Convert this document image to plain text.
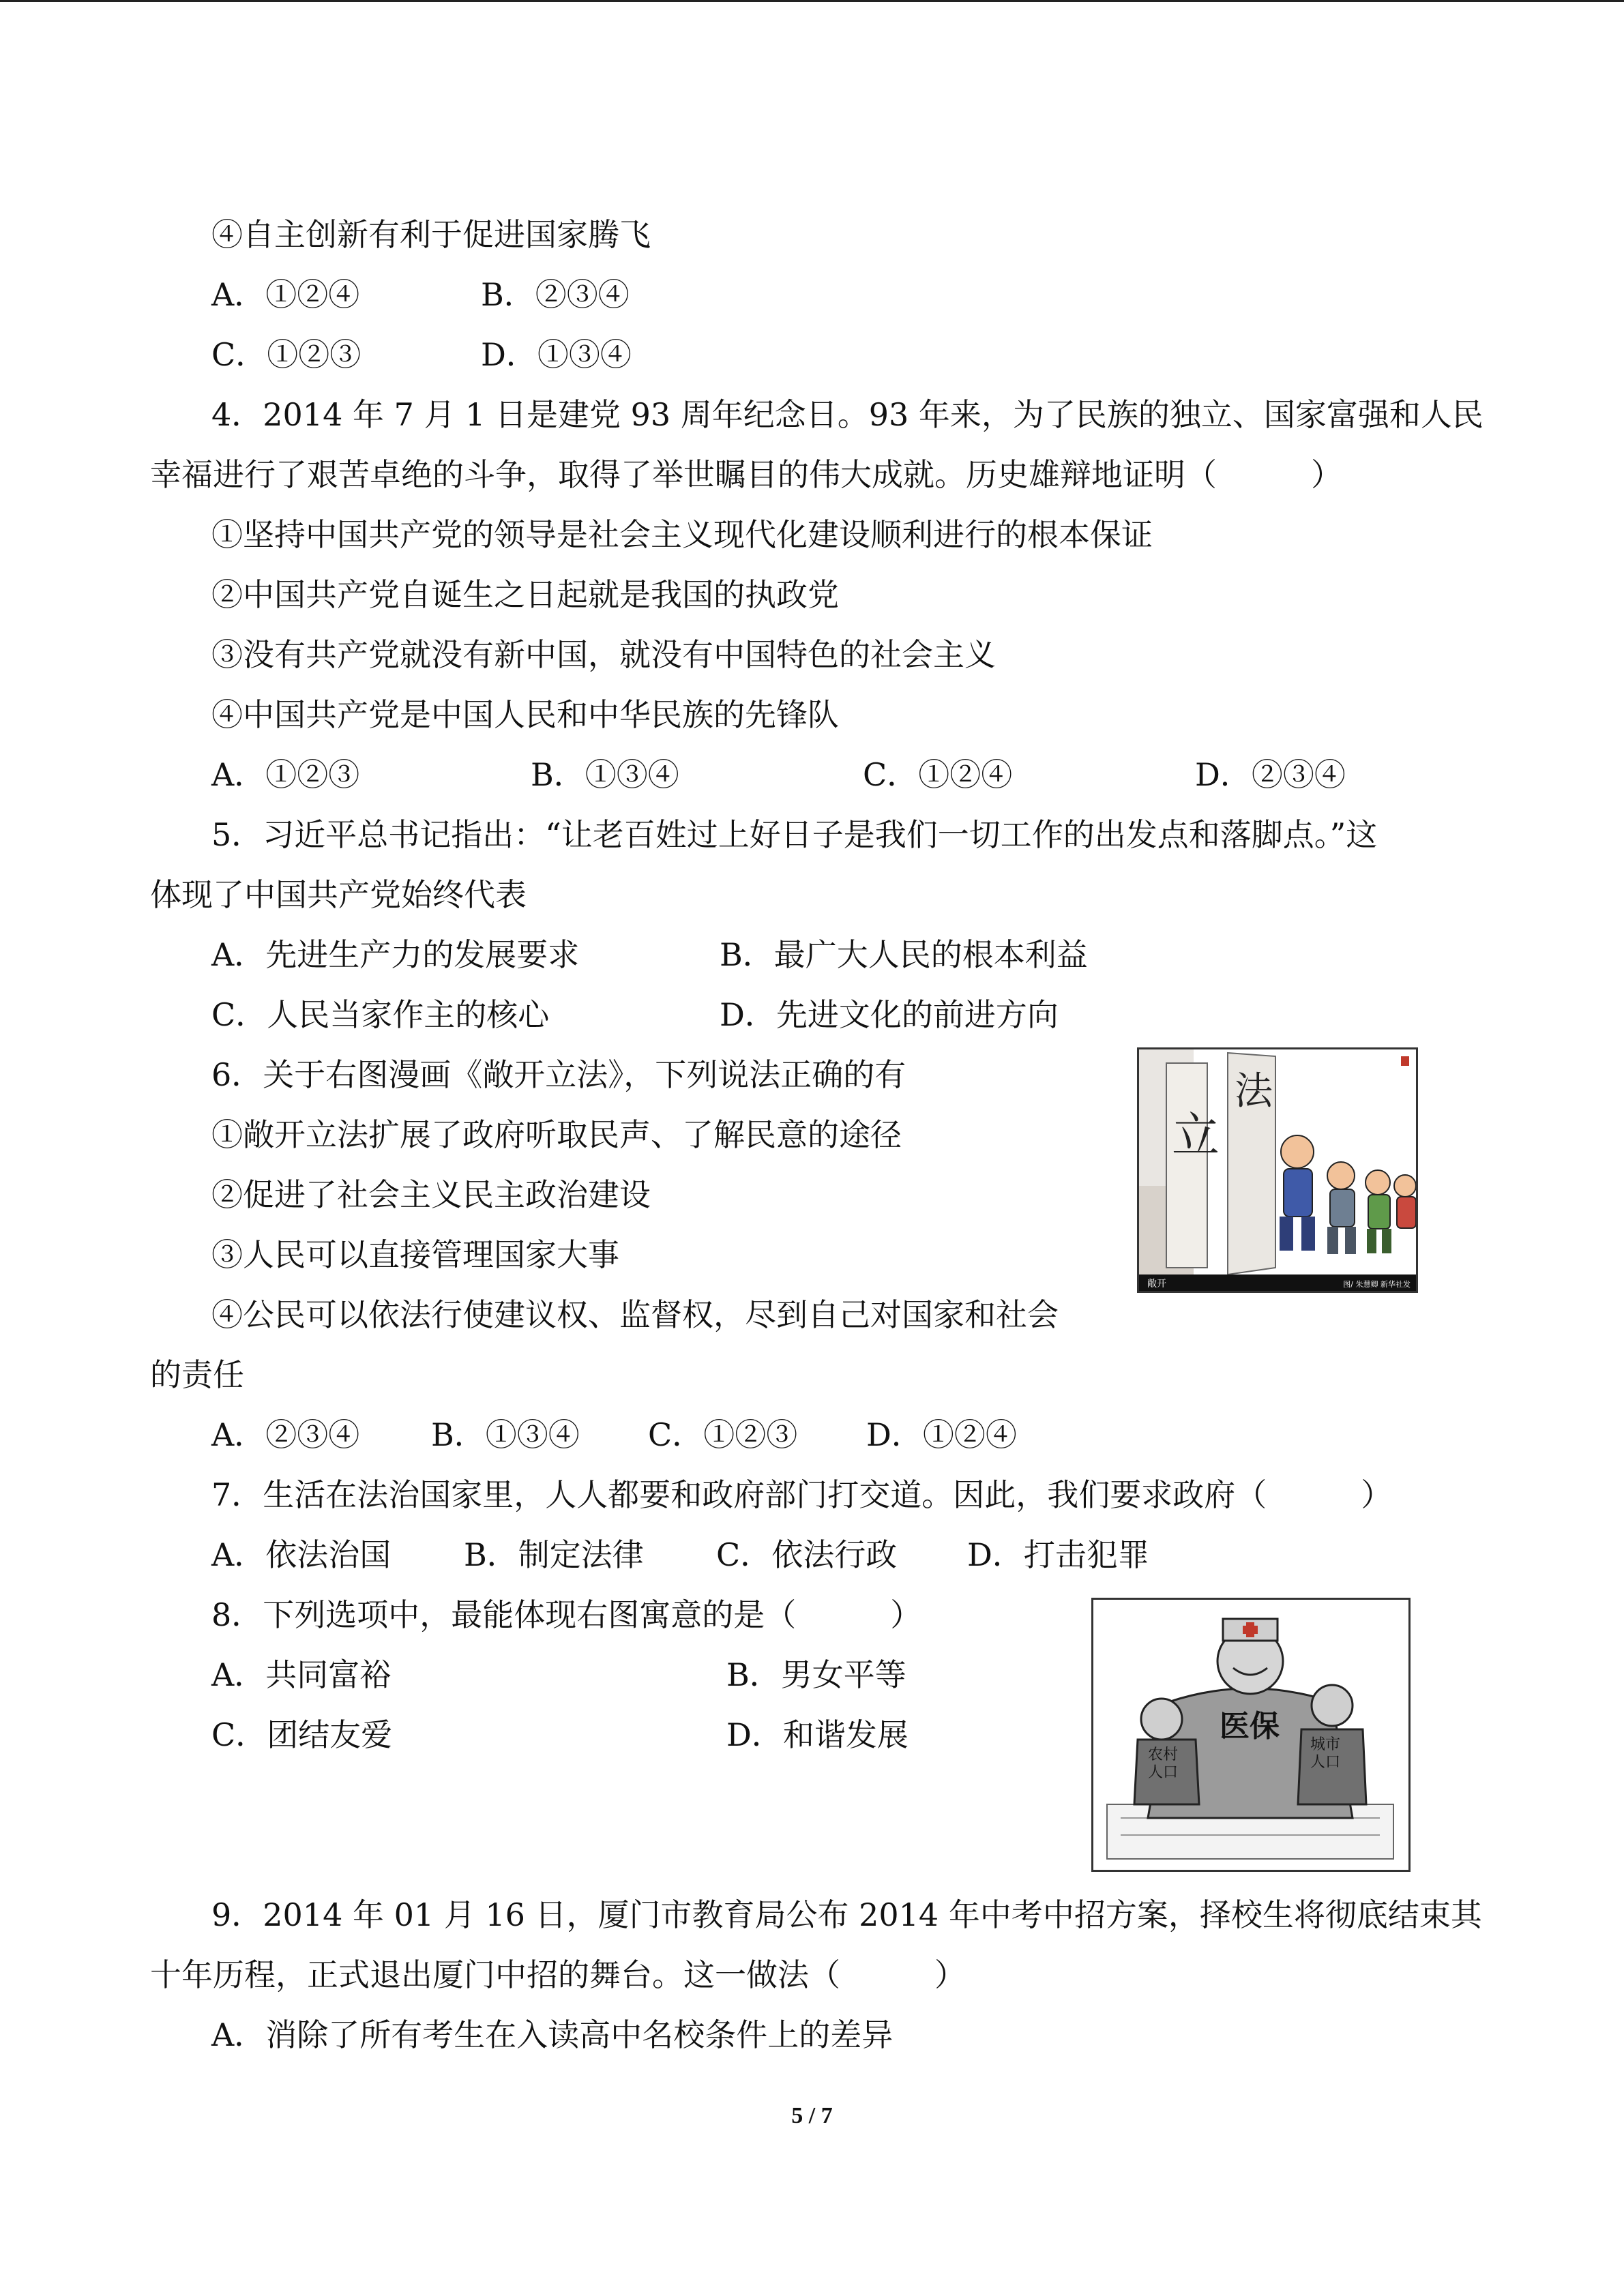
④自主创新有利于促进国家腾飞
A．①②④	B．②③④
C．①②③	D．①③④
4．2014 年 7 月 1 日是建党 93 周年纪念日。93 年来，为了民族的独立、国家富强和人民
幸福进行了艰苦卓绝的斗争，取得了举世瞩目的伟大成就。历史雄辩地证明（　　　）
①坚持中国共产党的领导是社会主义现代化建设顺利进行的根本保证
②中国共产党自诞生之日起就是我国的执政党
③没有共产党就没有新中国，就没有中国特色的社会主义
④中国共产党是中国人民和中华民族的先锋队
A．①②③	B．①③④	C．①②④	D．②③④
5．习近平总书记指出：“让老百姓过上好日子是我们一切工作的出发点和落脚点。”这
体现了中国共产党始终代表
A．先进生产力的发展要求	B．最广大人民的根本利益
C．人民当家作主的核心	D．先进文化的前进方向
6．关于右图漫画《敞开立法》，下列说法正确的有
①敞开立法扩展了政府听取民声、了解民意的途径
②促进了社会主义民主政治建设
③人民可以直接管理国家大事
④公民可以依法行使建议权、监督权，尽到自己对国家和社会
的责任
A．②③④ B．①③④ C．①②③ D．①②④
立
法
敞开	图/ 朱慧卿 新华社发
7．生活在法治国家里，人人都要和政府部门打交道。因此，我们要求政府（　　　）
A．依法治国 B．制定法律 C．依法行政 D．打击犯罪
8．下列选项中，最能体现右图寓意的是（　　　）
A．共同富裕	B．男女平等
C．团结友爱	D．和谐发展	医保
农村人口
城市人口
9．2014 年 01 月 16 日，厦门市教育局公布 2014 年中考中招方案，择校生将彻底结束其
十年历程，正式退出厦门中招的舞台。这一做法（　　　）
A．消除了所有考生在入读高中名校条件上的差异
5 / 7
